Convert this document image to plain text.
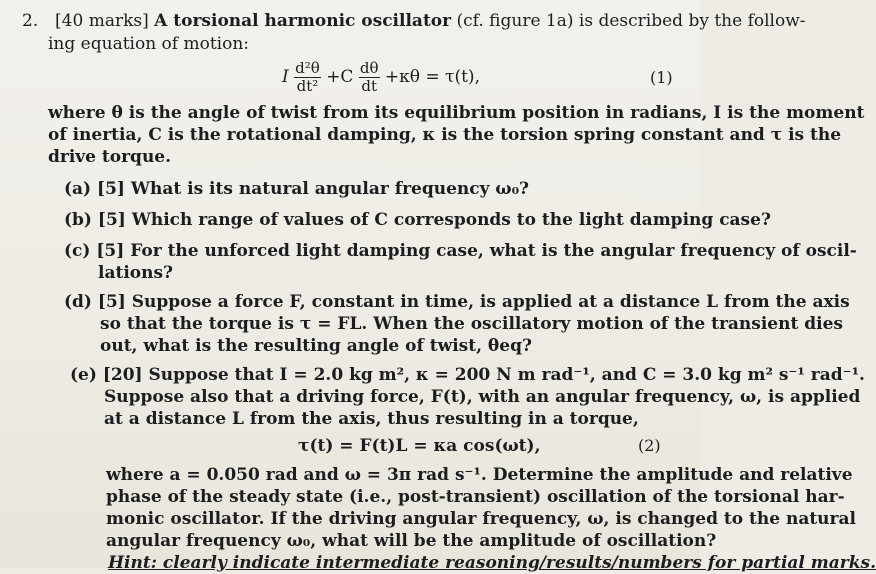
2. [40 marks] A torsional harmonic oscillator (cf. figure 1a) is described by the follow-
ing equation of motion:
I $\frac{\text{d²θ}}{\text{dt²}} +C \frac{d\theta}{dt} +\kappa\theta = \tau(t)$,	(1)
where θ is the angle of twist from its equilibrium position in radians, I is the moment
of inertia, C is the rotational damping, κ is the torsion spring constant and τ is the
drive torque.
(a) [5] What is its natural angular frequency ω₀?
(b) [5] Which range of values of C corresponds to the light damping case?
(c) [5] For the unforced light damping case, what is the angular frequency of oscil-
lations?
(d) [5] Suppose a force F, constant in time, is applied at a distance L from the axis
so that the torque is τ = FL. When the oscillatory motion of the transient dies
out, what is the resulting angle of twist, θeq?
(e) [20] Suppose that I = 2.0 kg m², κ = 200 N m rad⁻¹, and C = 3.0 kg m² s⁻¹ rad⁻¹.
Suppose also that a driving force, F(t), with an angular frequency, ω, is applied
at a distance L from the axis, thus resulting in a torque,
τ(t) = F(t)L = κa cos(ωt),	(2)
where a = 0.050 rad and ω = 3π rad s⁻¹. Determine the amplitude and relative
phase of the steady state (i.e., post-transient) oscillation of the torsional har-
monic oscillator. If the driving angular frequency, ω, is changed to the natural
angular frequency ω₀, what will be the amplitude of oscillation?
Hint: clearly indicate intermediate reasoning/results/numbers for partial marks.
